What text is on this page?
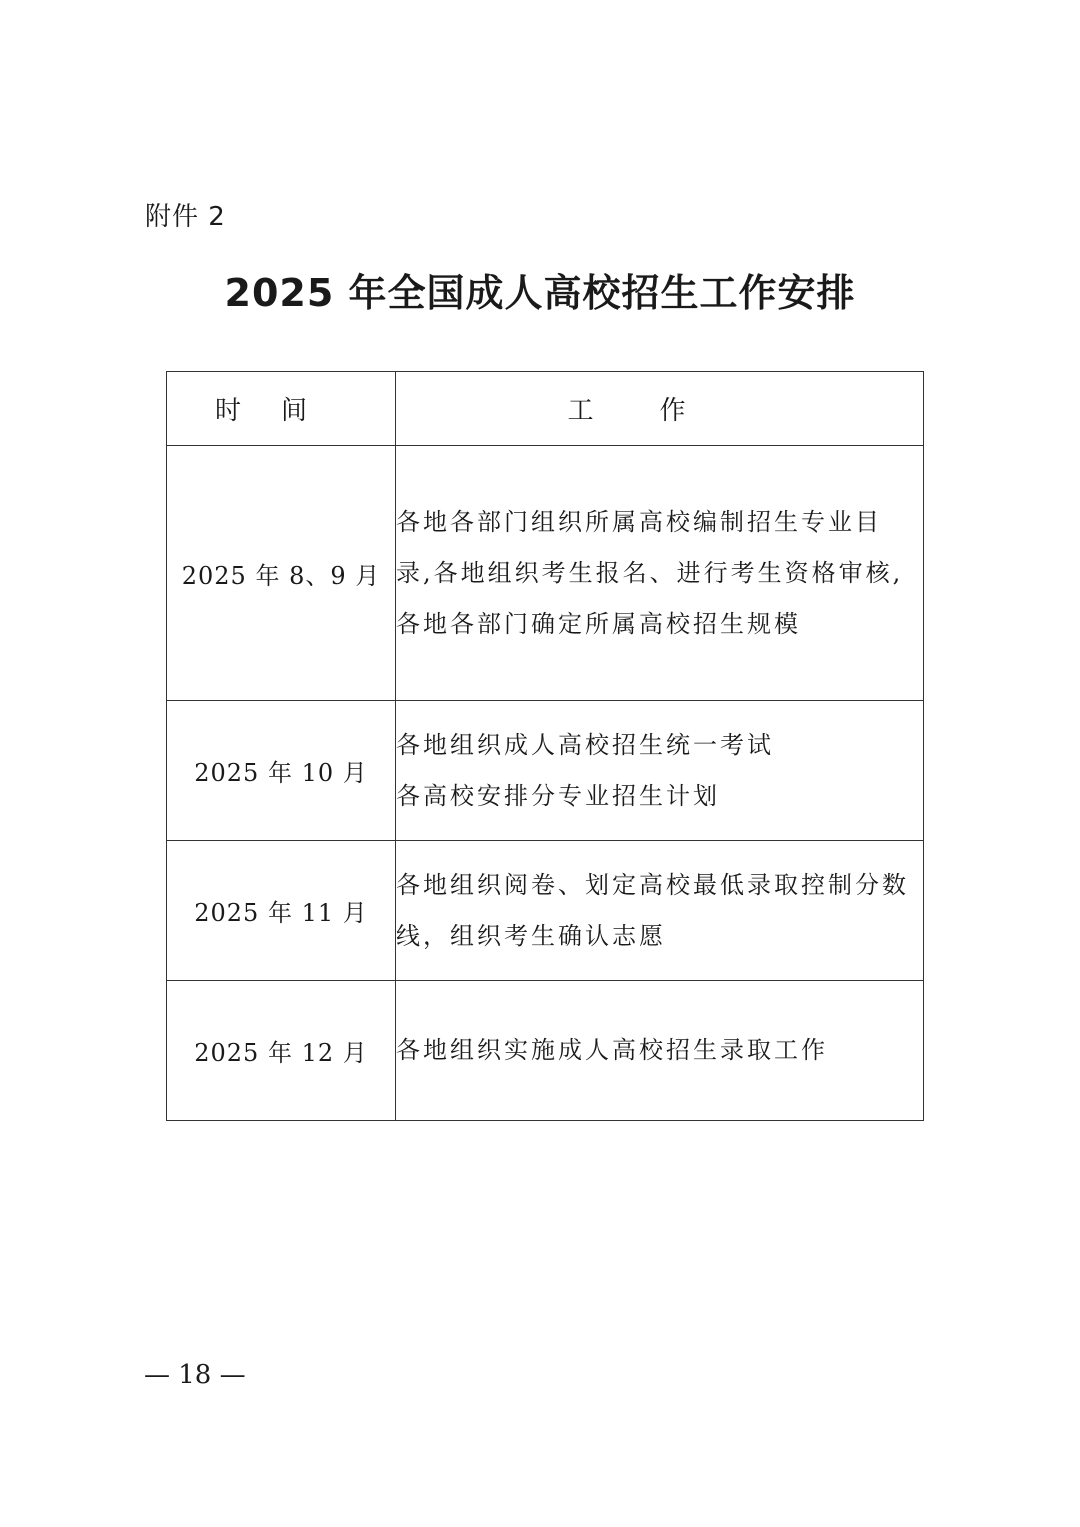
附件 2
2025 年全国成人高校招生工作安排
时间	工作
2025 年 8、9 月	各地各部门组织所属高校编制招生专业目
录,各地组织考生报名、进行考生资格审核,
各地各部门确定所属高校招生规模

2025 年 10 月	各地组织成人高校招生统一考试
各高校安排分专业招生计划

2025 年 11 月	各地组织阅卷、划定高校最低录取控制分数
线，组织考生确认志愿

2025 年 12 月	各地组织实施成人高校招生录取工作
— 18 —
